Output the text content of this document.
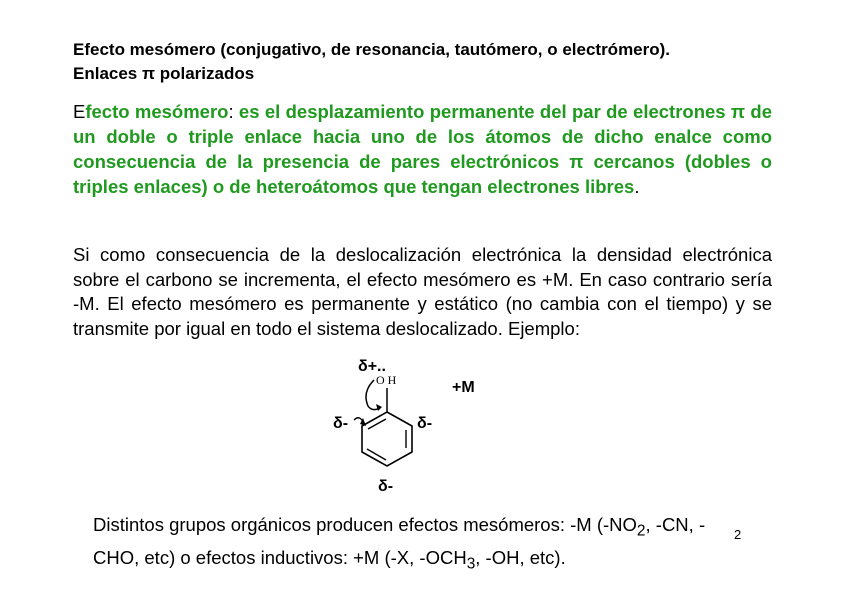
Efecto mesómero (conjugativo, de resonancia, tautómero, o electrómero).
Enlaces π polarizados

Efecto mesómero: es el desplazamiento permanente del par de electrones π de un doble o triple enlace hacia uno de los átomos de dicho enalce como consecuencia de la presencia de pares electrónicos π cercanos (dobles o triples enlaces) o de heteroátomos que tengan electrones libres.

Si como consecuencia de la deslocalización electrónica la densidad electrónica sobre el carbono se incrementa, el efecto mesómero es +M. En caso contrario sería -M. El efecto mesómero es permanente y estático (no cambia con el tiempo) y se transmite por igual en todo el sistema deslocalizado. Ejemplo:

δ+..
O H	+M
δ-	δ-
δ-

Distintos grupos orgánicos producen efectos mesómeros: -M ($-NO_2$, -CN, -CHO, etc) o efectos inductivos: +M (-X, $-OCH_3$, -OH, etc).

2
